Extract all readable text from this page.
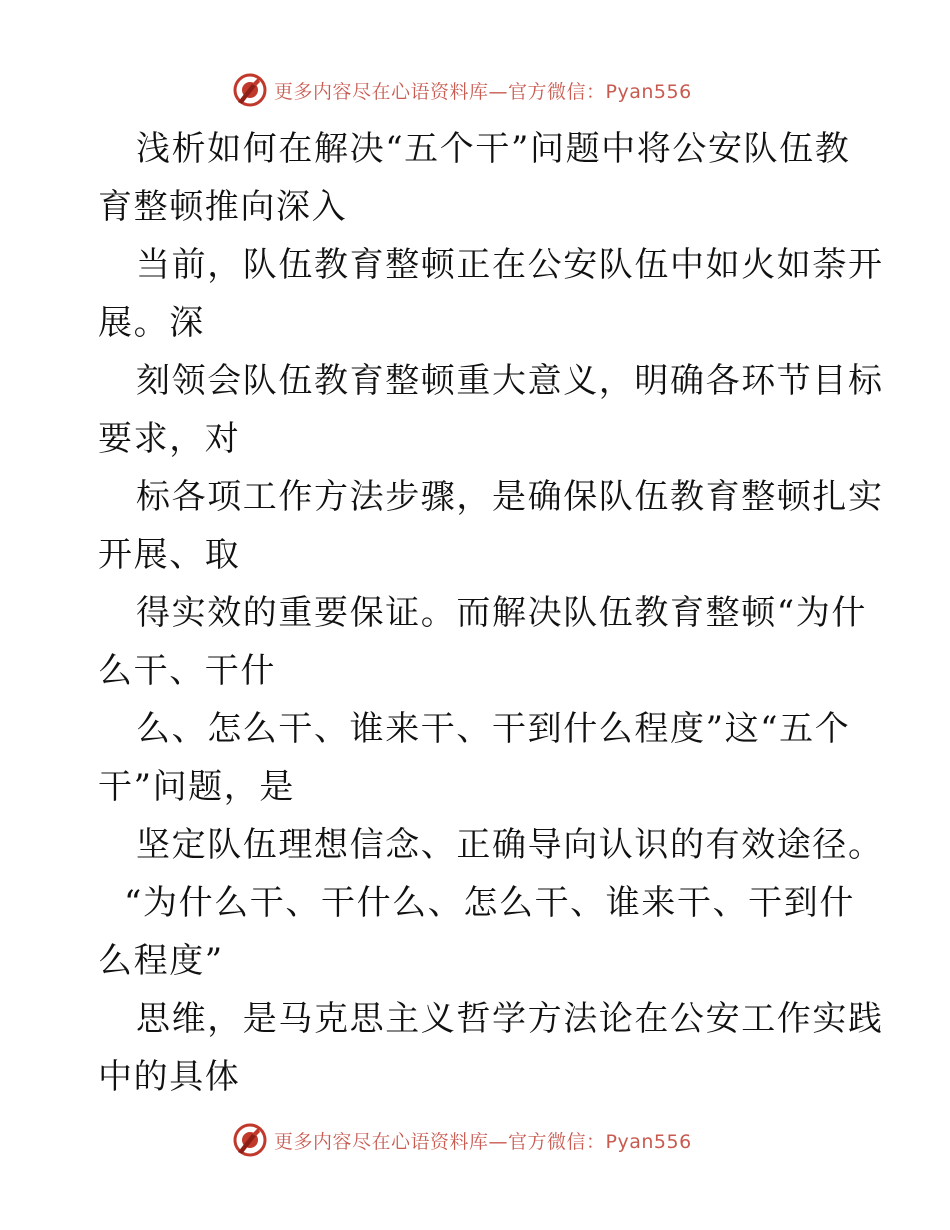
更多内容尽在心语资料库—官方微信：Pyan556
浅析如何在解决“五个干”问题中将公安队伍教
育整顿推向深入
当前，队伍教育整顿正在公安队伍中如火如荼开
展。深
刻领会队伍教育整顿重大意义，明确各环节目标
要求，对
标各项工作方法步骤，是确保队伍教育整顿扎实
开展、取
得实效的重要保证。而解决队伍教育整顿“为什
么干、干什
么、怎么干、谁来干、干到什么程度”这“五个
干”问题，是
坚定队伍理想信念、正确导向认识的有效途径。
“为什么干、干什么、怎么干、谁来干、干到什
么程度”
思维，是马克思主义哲学方法论在公安工作实践
中的具体
更多内容尽在心语资料库—官方微信：Pyan556
